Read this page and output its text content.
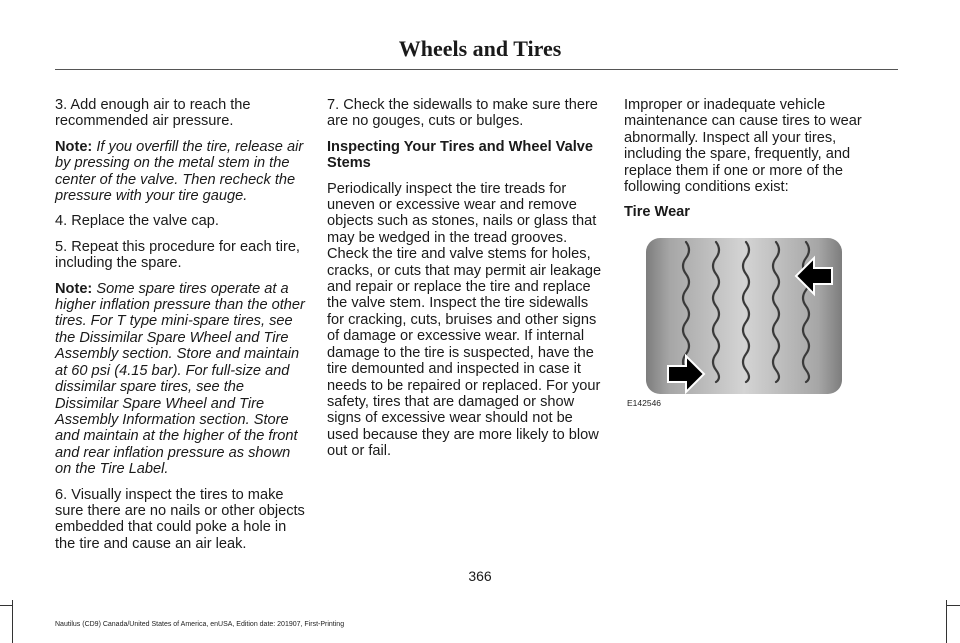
Wheels and Tires

3. Add enough air to reach the recommended air pressure.

Note: If you overfill the tire, release air by pressing on the metal stem in the center of the valve. Then recheck the pressure with your tire gauge.

4. Replace the valve cap.

5. Repeat this procedure for each tire, including the spare.

Note: Some spare tires operate at a higher inflation pressure than the other tires. For T type mini-spare tires, see the Dissimilar Spare Wheel and Tire Assembly section. Store and maintain at 60 psi (4.15 bar). For full-size and dissimilar spare tires, see the Dissimilar Spare Wheel and Tire Assembly Information section. Store and maintain at the higher of the front and rear inflation pressure as shown on the Tire Label.

6. Visually inspect the tires to make sure there are no nails or other objects embedded that could poke a hole in the tire and cause an air leak.

7. Check the sidewalls to make sure there are no gouges, cuts or bulges.

Inspecting Your Tires and Wheel Valve Stems

Periodically inspect the tire treads for uneven or excessive wear and remove objects such as stones, nails or glass that may be wedged in the tread grooves. Check the tire and valve stems for holes, cracks, or cuts that may permit air leakage and repair or replace the tire and replace the valve stem. Inspect the tire sidewalls for cracking, cuts, bruises and other signs of damage or excessive wear. If internal damage to the tire is suspected, have the tire demounted and inspected in case it needs to be repaired or replaced. For your safety, tires that are damaged or show signs of excessive wear should not be used because they are more likely to blow out or fail.

Improper or inadequate vehicle maintenance can cause tires to wear abnormally. Inspect all your tires, including the spare, frequently, and replace them if one or more of the following conditions exist:

Tire Wear
E142546
366
Nautilus (CD9) Canada/United States of America, enUSA, Edition date: 201907, First-Printing
